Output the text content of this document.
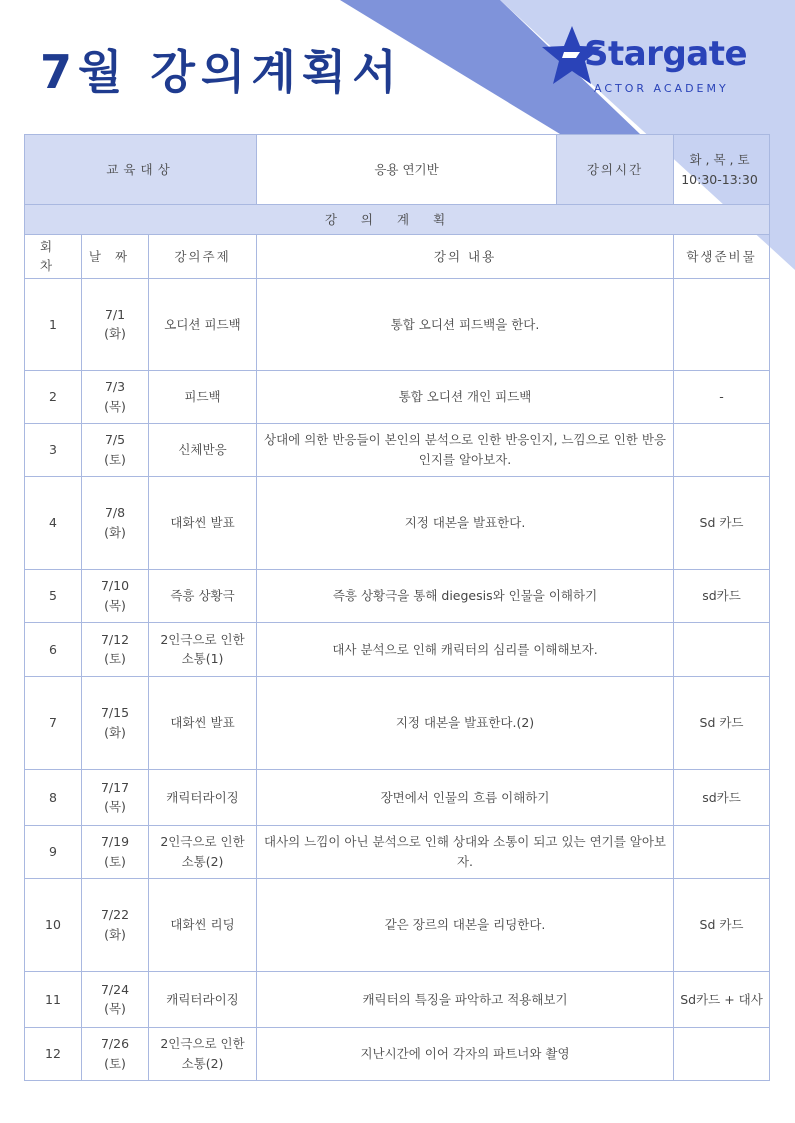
7월 강의계획서	Stargate
ACTOR ACADEMY
교육대상			응용 연기반	강의시간	화 , 목 , 토
10:30-13:30

강의계획					
회차	날짜	강의주제	강의 내용		학생준비물
1	7/1
(화)	오디션 피드백	통합 오디션 피드백을 한다.		
2	7/3
(목)	피드백	통합 오디션 개인 피드백		-
3	7/5
(토)	신체반응	상대에 의한 반응들이 본인의 분석으로 인한 반응인지, 느낌으로 인한 반응인지를 알아보자.		
4	7/8
(화)	대화씬 발표	지정 대본을 발표한다.		Sd 카드
5	7/10
(목)	즉흥 상황극	즉흥 상황극을 통해 diegesis와 인물을 이해하기		sd카드
6	7/12
(토)	2인극으로 인한 소통(1)	대사 분석으로 인해 캐릭터의 심리를 이해해보자.		
7	7/15
(화)	대화씬 발표	지정 대본을 발표한다.(2)		Sd 카드
8	7/17
(목)	캐릭터라이징	장면에서 인물의 흐름 이해하기		sd카드
9	7/19
(토)	2인극으로 인한 소통(2)	대사의 느낌이 아닌 분석으로 인해 상대와 소통이 되고 있는 연기를 알아보자.		
10	7/22
(화)	대화씬 리딩	같은 장르의 대본을 리딩한다.		Sd 카드
11	7/24
(목)	캐릭터라이징	캐릭터의 특징을 파악하고 적용해보기		Sd카드 + 대사
12	7/26
(토)	2인극으로 인한 소통(2)	지난시간에 이어 각자의 파트너와 촬영		
